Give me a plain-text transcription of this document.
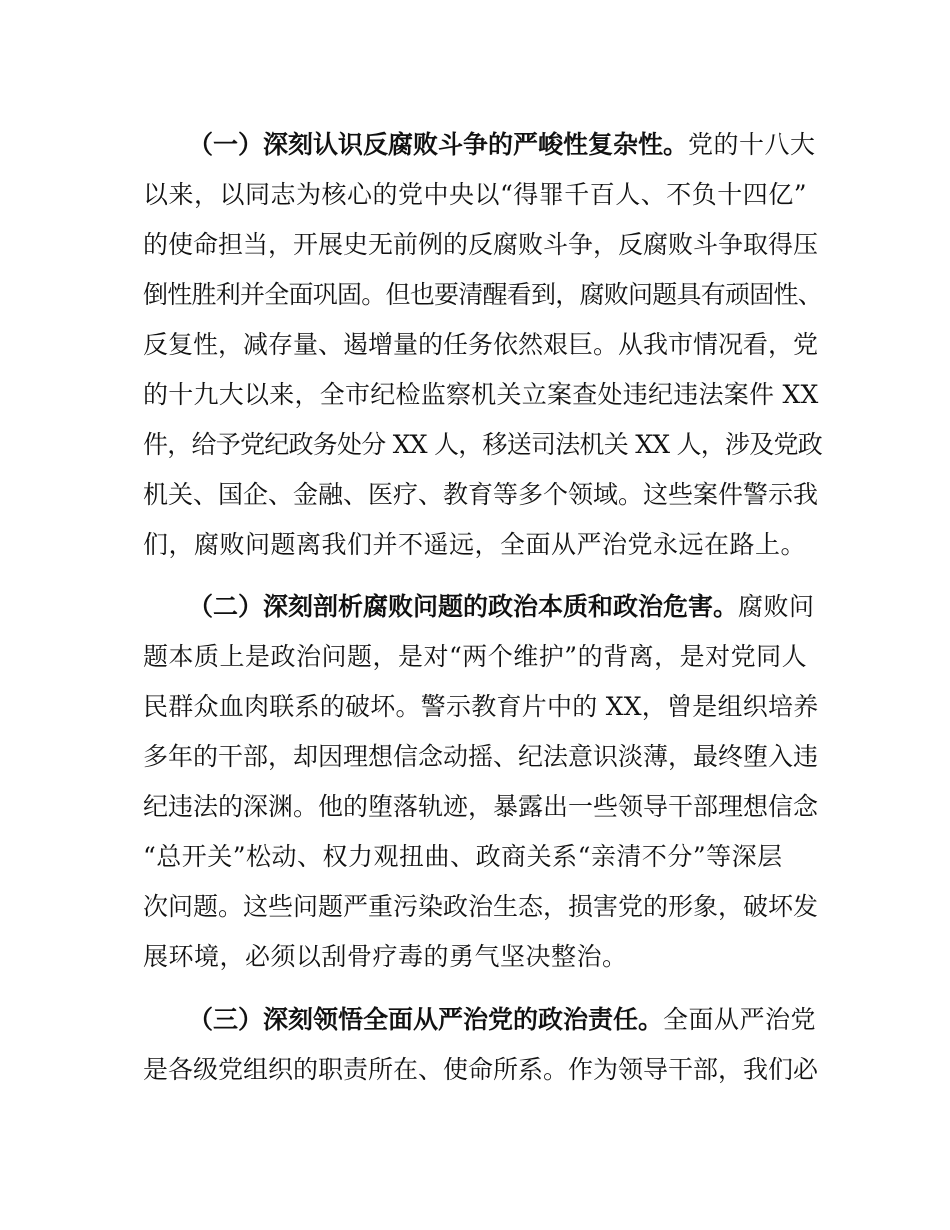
（一）深刻认识反腐败斗争的严峻性复杂性。党的十八大
以来，以同志为核心的党中央以“得罪千百人、不负十四亿”
的使命担当，开展史无前例的反腐败斗争，反腐败斗争取得压
倒性胜利并全面巩固。但也要清醒看到，腐败问题具有顽固性、
反复性，减存量、遏增量的任务依然艰巨。从我市情况看，党
的十九大以来，全市纪检监察机关立案查处违纪违法案件 XX
件，给予党纪政务处分 XX 人，移送司法机关 XX 人，涉及党政
机关、国企、金融、医疗、教育等多个领域。这些案件警示我
们，腐败问题离我们并不遥远，全面从严治党永远在路上。
（二）深刻剖析腐败问题的政治本质和政治危害。腐败问
题本质上是政治问题，是对“两个维护”的背离，是对党同人
民群众血肉联系的破坏。警示教育片中的 XX，曾是组织培养
多年的干部，却因理想信念动摇、纪法意识淡薄，最终堕入违
纪违法的深渊。他的堕落轨迹，暴露出一些领导干部理想信念
“总开关”松动、权力观扭曲、政商关系“亲清不分”等深层
次问题。这些问题严重污染政治生态，损害党的形象，破坏发
展环境，必须以刮骨疗毒的勇气坚决整治。
（三）深刻领悟全面从严治党的政治责任。全面从严治党
是各级党组织的职责所在、使命所系。作为领导干部，我们必
